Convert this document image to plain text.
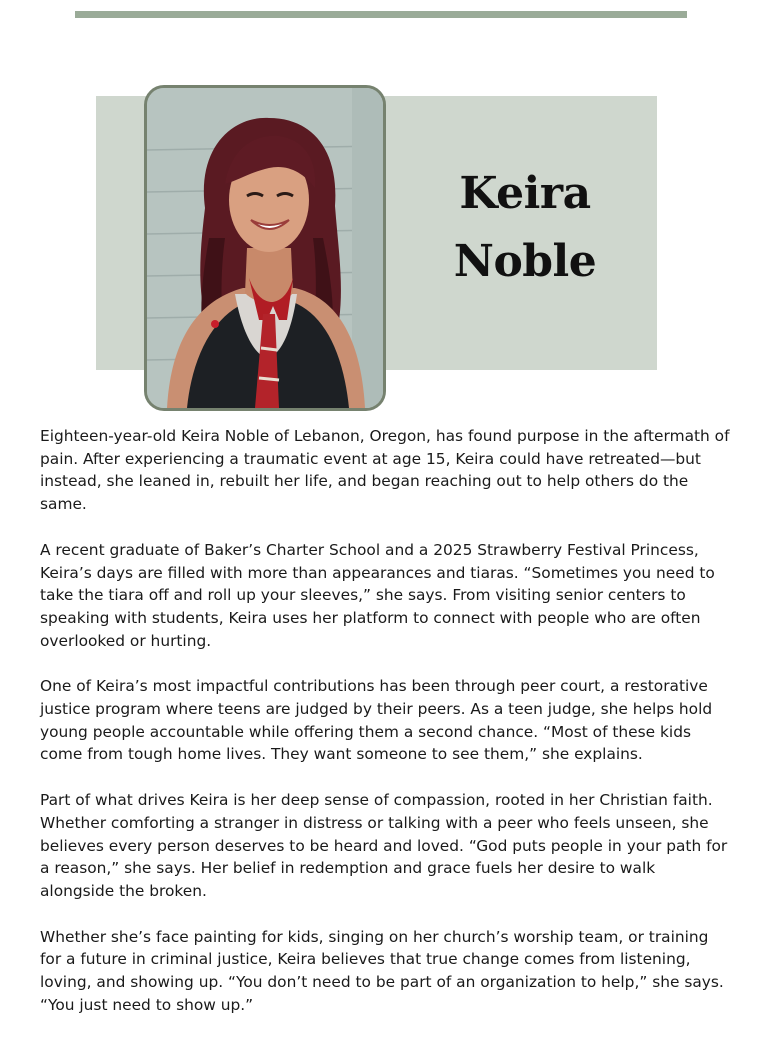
Keira
Noble

Eighteen-year-old Keira Noble of Lebanon, Oregon, has found purpose in the aftermath of pain. After experiencing a traumatic event at age 15, Keira could have retreated—but instead, she leaned in, rebuilt her life, and began reaching out to help others do the same.

A recent graduate of Baker’s Charter School and a 2025 Strawberry Festival Princess, Keira’s days are filled with more than appearances and tiaras. “Sometimes you need to take the tiara off and roll up your sleeves,” she says. From visiting senior centers to speaking with students, Keira uses her platform to connect with people who are often overlooked or hurting.

One of Keira’s most impactful contributions has been through peer court, a restorative justice program where teens are judged by their peers. As a teen judge, she helps hold young people accountable while offering them a second chance. “Most of these kids come from tough home lives. They want someone to see them,” she explains.

Part of what drives Keira is her deep sense of compassion, rooted in her Christian faith. Whether comforting a stranger in distress or talking with a peer who feels unseen, she believes every person deserves to be heard and loved. “God puts people in your path for a reason,” she says. Her belief in redemption and grace fuels her desire to walk alongside the broken.

Whether she’s face painting for kids, singing on her church’s worship team, or training for a future in criminal justice, Keira believes that true change comes from listening, loving, and showing up. “You don’t need to be part of an organization to help,” she says. “You just need to show up.”
